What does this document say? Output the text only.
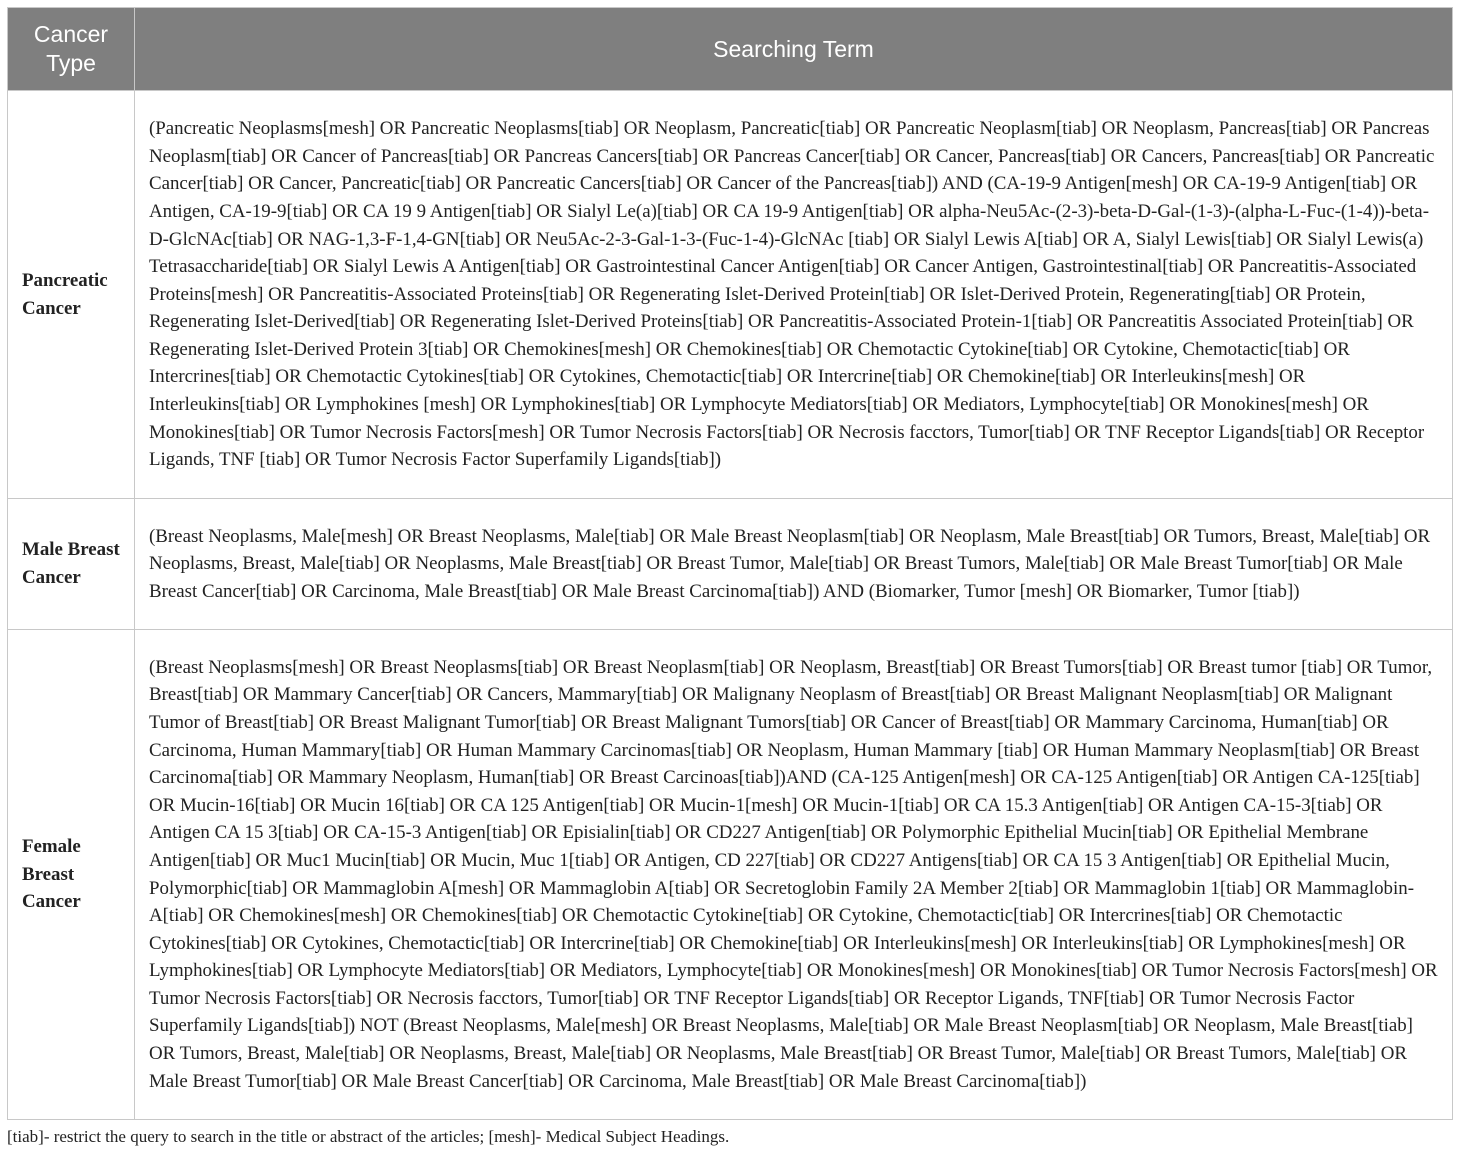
Cancer Type	Searching Term
Pancreatic Cancer	(Pancreatic Neoplasms[mesh] OR Pancreatic Neoplasms[tiab] OR Neoplasm, Pancreatic[tiab] OR Pancreatic Neoplasm[tiab] OR Neoplasm, Pancreas[tiab] OR Pancreas Neoplasm[tiab] OR Cancer of Pancreas[tiab] OR Pancreas Cancers[tiab] OR Pancreas Cancer[tiab] OR Cancer, Pancreas[tiab] OR Cancers, Pancreas[tiab] OR Pancreatic Cancer[tiab] OR Cancer, Pancreatic[tiab] OR Pancreatic Cancers[tiab] OR Cancer of the Pancreas[tiab]) AND (CA-19-9 Antigen[mesh] OR CA-19-9 Antigen[tiab] OR Antigen, CA-19-9[tiab] OR CA 19 9 Antigen[tiab] OR Sialyl Le(a)[tiab] OR CA 19-9 Antigen[tiab] OR alpha-Neu5Ac-(2-3)-beta-D-Gal-(1-3)-(alpha-L-Fuc-(1-4))-beta-D-GlcNAc[tiab] OR NAG-1,3-F-1,4-GN[tiab] OR Neu5Ac-2-3-Gal-1-3-(Fuc-1-4)-GlcNAc [tiab] OR Sialyl Lewis A[tiab] OR A, Sialyl Lewis[tiab] OR Sialyl Lewis(a) Tetrasaccharide[tiab] OR Sialyl Lewis A Antigen[tiab] OR Gastrointestinal Cancer Antigen[tiab] OR Cancer Antigen, Gastrointestinal[tiab] OR Pancreatitis-Associated Proteins[mesh] OR Pancreatitis-Associated Proteins[tiab] OR Regenerating Islet-Derived Protein[tiab] OR Islet-Derived Protein, Regenerating[tiab] OR Protein, Regenerating Islet-Derived[tiab] OR Regenerating Islet-Derived Proteins[tiab] OR Pancreatitis-Associated Protein-1[tiab] OR Pancreatitis Associated Protein[tiab] OR Regenerating Islet-Derived Protein 3[tiab] OR Chemokines[mesh] OR Chemokines[tiab] OR Chemotactic Cytokine[tiab] OR Cytokine, Chemotactic[tiab] OR Intercrines[tiab] OR Chemotactic Cytokines[tiab] OR Cytokines, Chemotactic[tiab] OR Intercrine[tiab] OR Chemokine[tiab] OR Interleukins[mesh] OR Interleukins[tiab] OR Lymphokines [mesh] OR Lymphokines[tiab] OR Lymphocyte Mediators[tiab] OR Mediators, Lymphocyte[tiab] OR Monokines[mesh] OR Monokines[tiab] OR Tumor Necrosis Factors[mesh] OR Tumor Necrosis Factors[tiab] OR Necrosis facctors, Tumor[tiab] OR TNF Receptor Ligands[tiab] OR Receptor Ligands, TNF [tiab] OR Tumor Necrosis Factor Superfamily Ligands[tiab])
Male Breast Cancer	(Breast Neoplasms, Male[mesh] OR Breast Neoplasms, Male[tiab] OR Male Breast Neoplasm[tiab] OR Neoplasm, Male Breast[tiab] OR Tumors, Breast, Male[tiab] OR Neoplasms, Breast, Male[tiab] OR Neoplasms, Male Breast[tiab] OR Breast Tumor, Male[tiab] OR Breast Tumors, Male[tiab] OR Male Breast Tumor[tiab] OR Male Breast Cancer[tiab] OR Carcinoma, Male Breast[tiab] OR Male Breast Carcinoma[tiab]) AND (Biomarker, Tumor [mesh] OR Biomarker, Tumor [tiab])
Female Breast Cancer	(Breast Neoplasms[mesh] OR Breast Neoplasms[tiab] OR Breast Neoplasm[tiab] OR Neoplasm, Breast[tiab] OR Breast Tumors[tiab] OR Breast tumor [tiab] OR Tumor, Breast[tiab] OR Mammary Cancer[tiab] OR Cancers, Mammary[tiab] OR Malignany Neoplasm of Breast[tiab] OR Breast Malignant Neoplasm[tiab] OR Malignant Tumor of Breast[tiab] OR Breast Malignant Tumor[tiab] OR Breast Malignant Tumors[tiab] OR Cancer of Breast[tiab] OR Mammary Carcinoma, Human[tiab] OR Carcinoma, Human Mammary[tiab] OR Human Mammary Carcinomas[tiab] OR Neoplasm, Human Mammary [tiab] OR Human Mammary Neoplasm[tiab] OR Breast Carcinoma[tiab] OR Mammary Neoplasm, Human[tiab] OR Breast Carcinoas[tiab])AND (CA-125 Antigen[mesh] OR CA-125 Antigen[tiab] OR Antigen CA-125[tiab] OR Mucin-16[tiab] OR Mucin 16[tiab] OR CA 125 Antigen[tiab] OR Mucin-1[mesh] OR Mucin-1[tiab] OR CA 15.3 Antigen[tiab] OR Antigen CA-15-3[tiab] OR Antigen CA 15 3[tiab] OR CA-15-3 Antigen[tiab] OR Episialin[tiab] OR CD227 Antigen[tiab] OR Polymorphic Epithelial Mucin[tiab] OR Epithelial Membrane Antigen[tiab] OR Muc1 Mucin[tiab] OR Mucin, Muc 1[tiab] OR Antigen, CD 227[tiab] OR CD227 Antigens[tiab] OR CA 15 3 Antigen[tiab] OR Epithelial Mucin, Polymorphic[tiab] OR Mammaglobin A[mesh] OR Mammaglobin A[tiab] OR Secretoglobin Family 2A Member 2[tiab] OR Mammaglobin 1[tiab] OR Mammaglobin-A[tiab] OR Chemokines[mesh] OR Chemokines[tiab] OR Chemotactic Cytokine[tiab] OR Cytokine, Chemotactic[tiab] OR Intercrines[tiab] OR Chemotactic Cytokines[tiab] OR Cytokines, Chemotactic[tiab] OR Intercrine[tiab] OR Chemokine[tiab] OR Interleukins[mesh] OR Interleukins[tiab] OR Lymphokines[mesh] OR Lymphokines[tiab] OR Lymphocyte Mediators[tiab] OR Mediators, Lymphocyte[tiab] OR Monokines[mesh] OR Monokines[tiab] OR Tumor Necrosis Factors[mesh] OR Tumor Necrosis Factors[tiab] OR Necrosis facctors, Tumor[tiab] OR TNF Receptor Ligands[tiab] OR Receptor Ligands, TNF[tiab] OR Tumor Necrosis Factor Superfamily Ligands[tiab]) NOT (Breast Neoplasms, Male[mesh] OR Breast Neoplasms, Male[tiab] OR Male Breast Neoplasm[tiab] OR Neoplasm, Male Breast[tiab] OR Tumors, Breast, Male[tiab] OR Neoplasms, Breast, Male[tiab] OR Neoplasms, Male Breast[tiab] OR Breast Tumor, Male[tiab] OR Breast Tumors, Male[tiab] OR Male Breast Tumor[tiab] OR Male Breast Cancer[tiab] OR Carcinoma, Male Breast[tiab] OR Male Breast Carcinoma[tiab])
[tiab]- restrict the query to search in the title or abstract of the articles; [mesh]- Medical Subject Headings.
